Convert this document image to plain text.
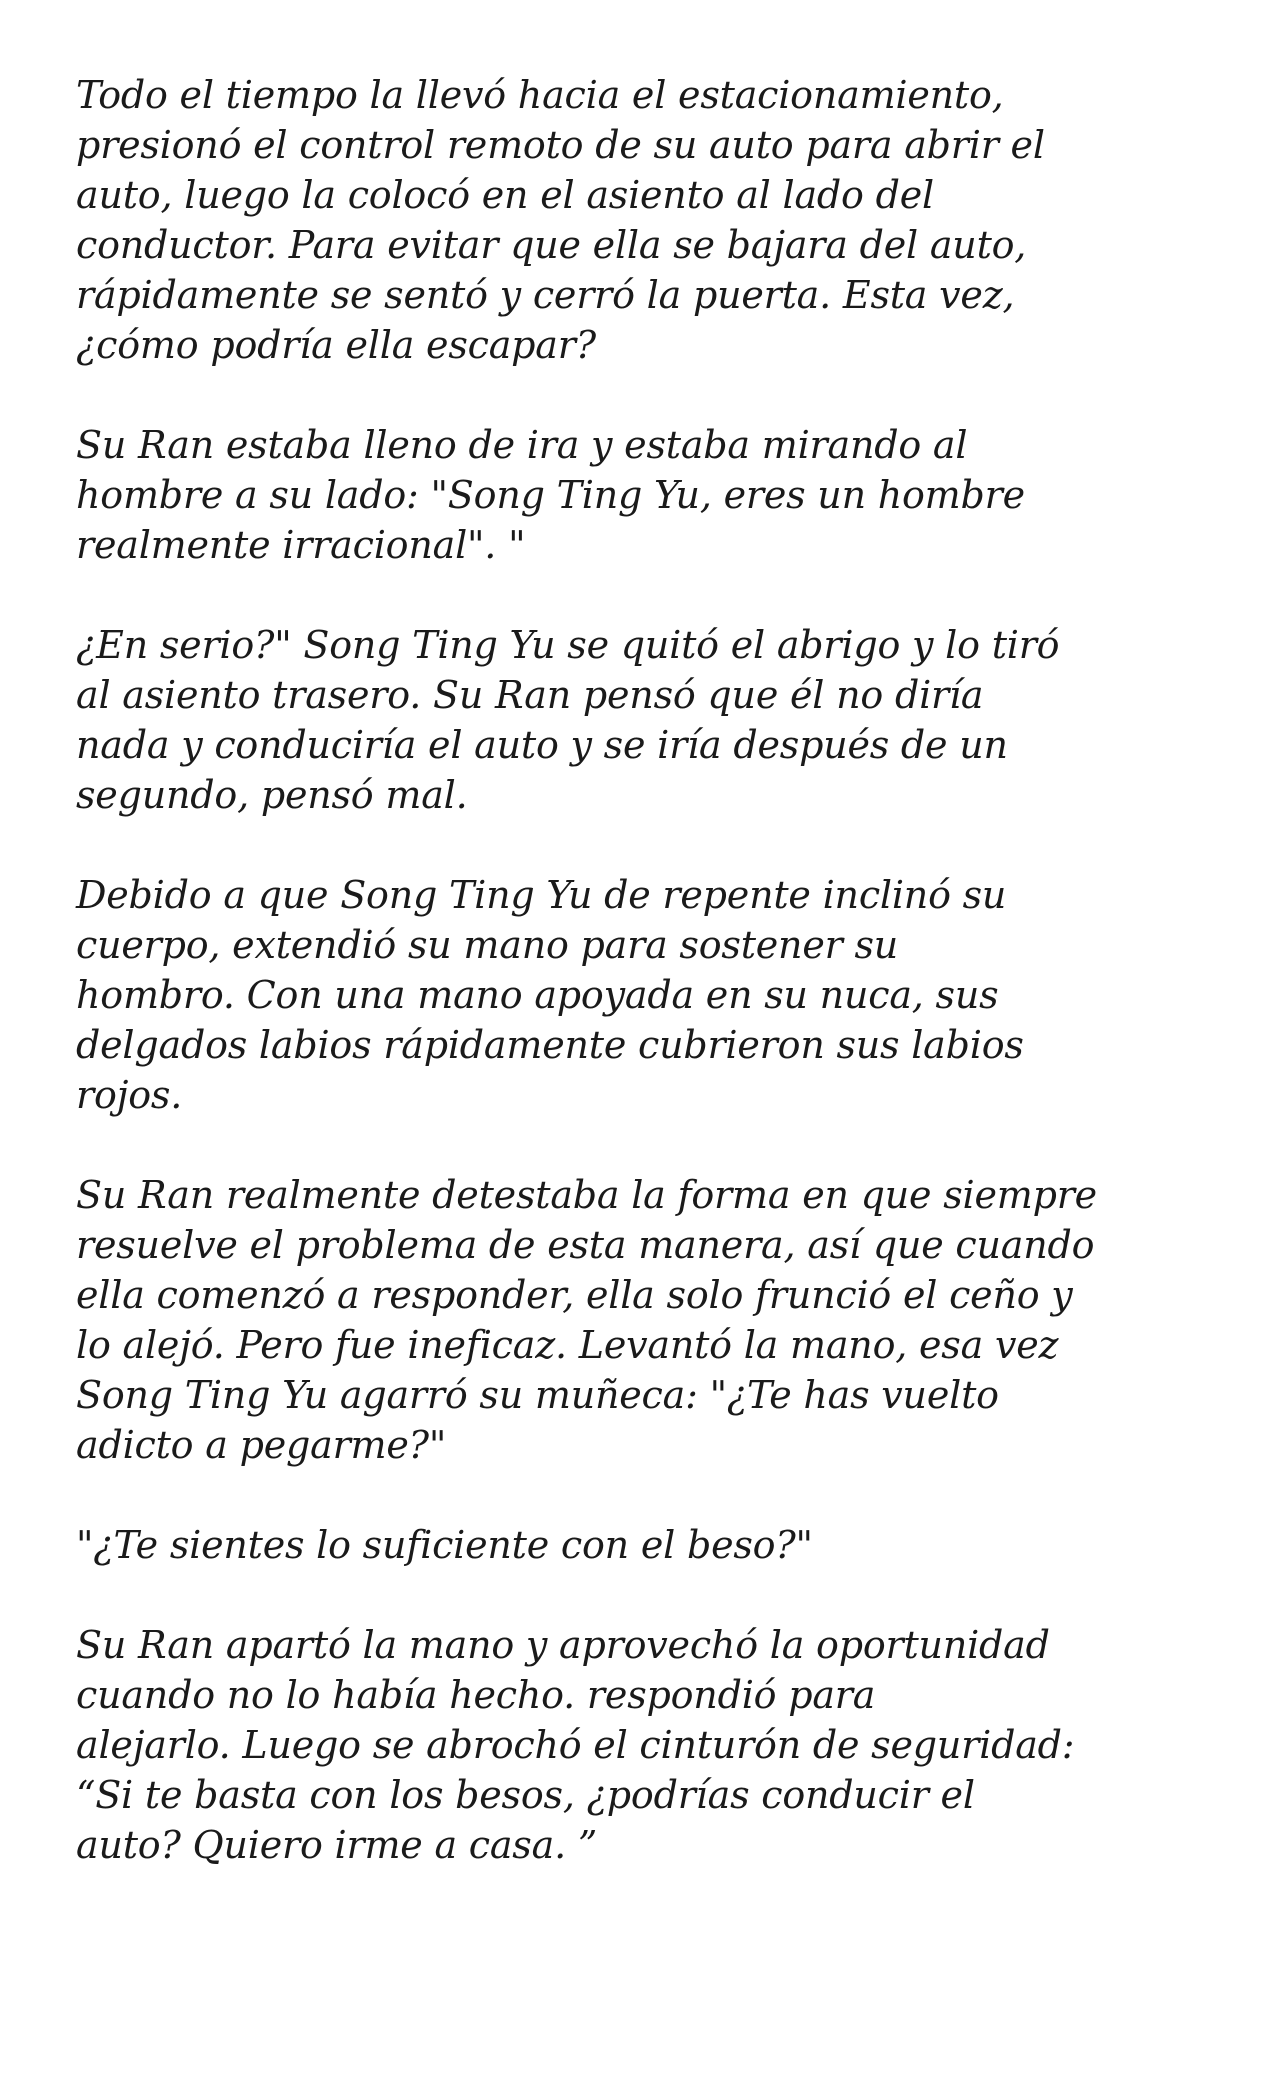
Todo el tiempo la llevó hacia el estacionamiento,
presionó el control remoto de su auto para abrir el
auto, luego la colocó en el asiento al lado del
conductor. Para evitar que ella se bajara del auto,
rápidamente se sentó y cerró la puerta. Esta vez,
¿cómo podría ella escapar?

Su Ran estaba lleno de ira y estaba mirando al
hombre a su lado: "Song Ting Yu, eres un hombre
realmente irracional". "

¿En serio?" Song Ting Yu se quitó el abrigo y lo tiró
al asiento trasero. Su Ran pensó que él no diría
nada y conduciría el auto y se iría después de un
segundo, pensó mal.

Debido a que Song Ting Yu de repente inclinó su
cuerpo, extendió su mano para sostener su
hombro. Con una mano apoyada en su nuca, sus
delgados labios rápidamente cubrieron sus labios
rojos.

Su Ran realmente detestaba la forma en que siempre
resuelve el problema de esta manera, así que cuando
ella comenzó a responder, ella solo frunció el ceño y
lo alejó. Pero fue ineficaz. Levantó la mano, esa vez
Song Ting Yu agarró su muñeca: "¿Te has vuelto
adicto a pegarme?"

"¿Te sientes lo suficiente con el beso?"

Su Ran apartó la mano y aprovechó la oportunidad
cuando no lo había hecho. respondió para
alejarlo. Luego se abrochó el cinturón de seguridad:
“Si te basta con los besos, ¿podrías conducir el
auto? Quiero irme a casa. ”
